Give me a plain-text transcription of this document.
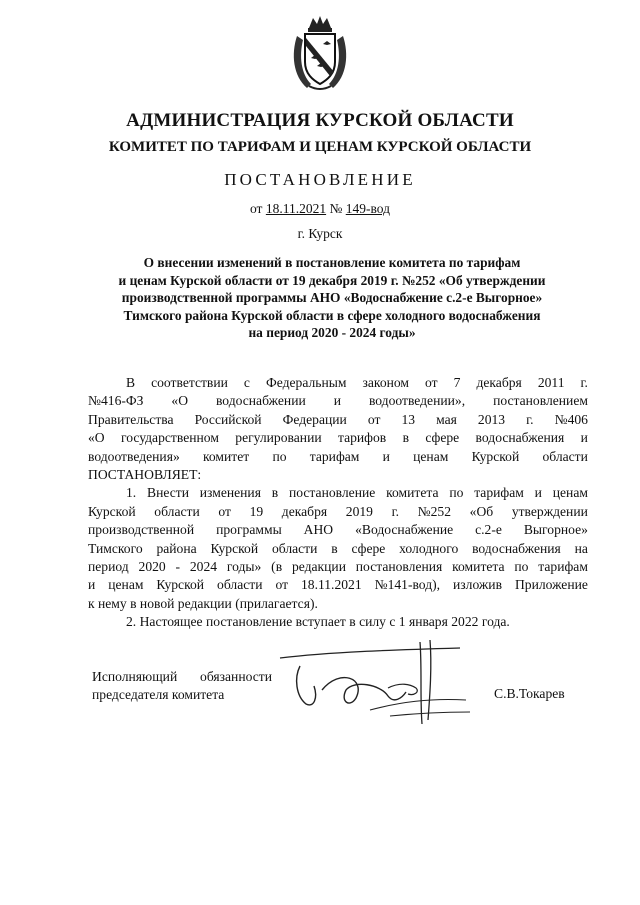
АДМИНИСТРАЦИЯ КУРСКОЙ ОБЛАСТИ
КОМИТЕТ ПО ТАРИФАМ И ЦЕНАМ КУРСКОЙ ОБЛАСТИ
ПОСТАНОВЛЕНИЕ
от 18.11.2021 № 149-вод
г. Курск
О внесении изменений в постановление комитета по тарифам
и ценам Курской области от 19 декабря 2019 г. №252 «Об утверждении
производственной программы АНО «Водоснабжение с.2-е Выгорное»
Тимского района Курской области в сфере холодного водоснабжения
на период 2020 - 2024 годы»
В соответствии с Федеральным законом от 7 декабря 2011 г.
№416-ФЗ «О водоснабжении и водоотведении», постановлением
Правительства Российской Федерации от 13 мая 2013 г. №406
«О государственном регулировании тарифов в сфере водоснабжения и
водоотведения» комитет по тарифам и ценам Курской области
ПОСТАНОВЛЯЕТ:
1. Внести изменения в постановление комитета по тарифам и ценам
Курской области от 19 декабря 2019 г. №252 «Об утверждении
производственной программы АНО «Водоснабжение с.2-е Выгорное»
Тимского района Курской области в сфере холодного водоснабжения на
период 2020 - 2024 годы» (в редакции постановления комитета по тарифам
и ценам Курской области от 18.11.2021 №141-вод), изложив Приложение
к нему в новой редакции (прилагается).
2. Настоящее постановление вступает в силу с 1 января 2022 года.
Исполняющий обязанности
председателя комитета	С.В.Токарев
